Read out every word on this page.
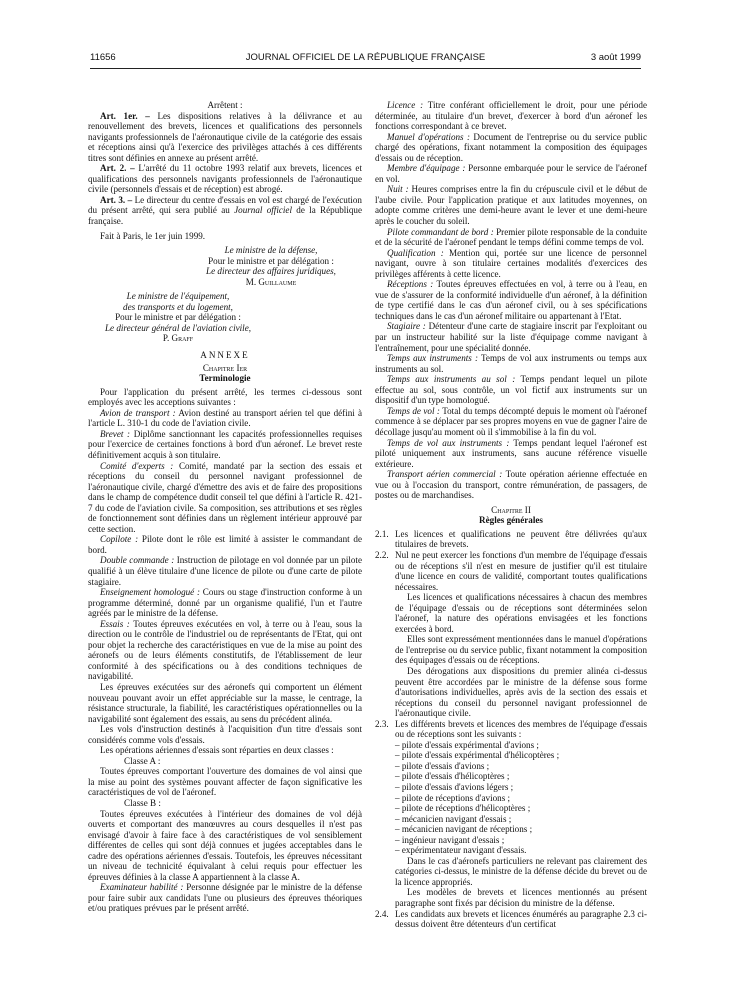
11656	JOURNAL OFFICIEL DE LA RÉPUBLIQUE FRANÇAISE	3 août 1999

Arrêtent :

Art. 1er. – Les dispositions relatives à la délivrance et au renouvellement des brevets, licences et qualifications des personnels navigants professionnels de l'aéronautique civile de la catégorie des essais et réceptions ainsi qu'à l'exercice des privilèges attachés à ces différents titres sont définies en annexe au présent arrêté.

Art. 2. – L'arrêté du 11 octobre 1993 relatif aux brevets, licences et qualifications des personnels navigants professionnels de l'aéronautique civile (personnels d'essais et de réception) est abrogé.

Art. 3. – Le directeur du centre d'essais en vol est chargé de l'exécution du présent arrêté, qui sera publié au Journal officiel de la République française.

Fait à Paris, le 1er juin 1999.

Le ministre de la défense,

Pour le ministre et par délégation :

Le directeur des affaires juridiques,

M. Guillaume

Le ministre de l'équipement,

des transports et du logement,

Pour le ministre et par délégation :

Le directeur général de l'aviation civile,

P. Graff

ANNEXE

Chapitre Ier

Terminologie

Pour l'application du présent arrêté, les termes ci-dessous sont employés avec les acceptions suivantes :

Avion de transport : Avion destiné au transport aérien tel que défini à l'article L. 310-1 du code de l'aviation civile.

Brevet : Diplôme sanctionnant les capacités professionnelles requises pour l'exercice de certaines fonctions à bord d'un aéronef. Le brevet reste définitivement acquis à son titulaire.

Comité d'experts : Comité, mandaté par la section des essais et réceptions du conseil du personnel navigant professionnel de l'aéronautique civile, chargé d'émettre des avis et de faire des propositions dans le champ de compétence dudit conseil tel que défini à l'article R. 421-7 du code de l'aviation civile. Sa composition, ses attributions et ses règles de fonctionnement sont définies dans un règlement intérieur approuvé par cette section.

Copilote : Pilote dont le rôle est limité à assister le commandant de bord.

Double commande : Instruction de pilotage en vol donnée par un pilote qualifié à un élève titulaire d'une licence de pilote ou d'une carte de pilote stagiaire.

Enseignement homologué : Cours ou stage d'instruction conforme à un programme déterminé, donné par un organisme qualifié, l'un et l'autre agréés par le ministre de la défense.

Essais : Toutes épreuves exécutées en vol, à terre ou à l'eau, sous la direction ou le contrôle de l'industriel ou de représentants de l'Etat, qui ont pour objet la recherche des caractéristiques en vue de la mise au point des aéronefs ou de leurs éléments constitutifs, de l'établissement de leur conformité à des spécifications ou à des conditions techniques de navigabilité.

Les épreuves exécutées sur des aéronefs qui comportent un élément nouveau pouvant avoir un effet appréciable sur la masse, le centrage, la résistance structurale, la fiabilité, les caractéristiques opérationnelles ou la navigabilité sont également des essais, au sens du précédent alinéa.

Les vols d'instruction destinés à l'acquisition d'un titre d'essais sont considérés comme vols d'essais.

Les opérations aériennes d'essais sont réparties en deux classes :

Classe A :

Toutes épreuves comportant l'ouverture des domaines de vol ainsi que la mise au point des systèmes pouvant affecter de façon significative les caractéristiques de vol de l'aéronef.

Classe B :

Toutes épreuves exécutées à l'intérieur des domaines de vol déjà ouverts et comportant des manœuvres au cours desquelles il n'est pas envisagé d'avoir à faire face à des caractéristiques de vol sensiblement différentes de celles qui sont déjà connues et jugées acceptables dans le cadre des opérations aériennes d'essais. Toutefois, les épreuves nécessitant un niveau de technicité équivalant à celui requis pour effectuer les épreuves définies à la classe A appartiennent à la classe A.

Examinateur habilité : Personne désignée par le ministre de la défense pour faire subir aux candidats l'une ou plusieurs des épreuves théoriques et/ou pratiques prévues par le présent arrêté.

Licence : Titre conférant officiellement le droit, pour une période déterminée, au titulaire d'un brevet, d'exercer à bord d'un aéronef les fonctions correspondant à ce brevet.

Manuel d'opérations : Document de l'entreprise ou du service public chargé des opérations, fixant notamment la composition des équipages d'essais ou de réception.

Membre d'équipage : Personne embarquée pour le service de l'aéronef en vol.

Nuit : Heures comprises entre la fin du crépuscule civil et le début de l'aube civile. Pour l'application pratique et aux latitudes moyennes, on adopte comme critères une demi-heure avant le lever et une demi-heure après le coucher du soleil.

Pilote commandant de bord : Premier pilote responsable de la conduite et de la sécurité de l'aéronef pendant le temps défini comme temps de vol.

Qualification : Mention qui, portée sur une licence de personnel navigant, ouvre à son titulaire certaines modalités d'exercices des privilèges afférents à cette licence.

Réceptions : Toutes épreuves effectuées en vol, à terre ou à l'eau, en vue de s'assurer de la conformité individuelle d'un aéronef, à la définition de type certifié dans le cas d'un aéronef civil, ou à ses spécifications techniques dans le cas d'un aéronef militaire ou appartenant à l'Etat.

Stagiaire : Détenteur d'une carte de stagiaire inscrit par l'exploitant ou par un instructeur habilité sur la liste d'équipage comme navigant à l'entraînement, pour une spécialité donnée.

Temps aux instruments : Temps de vol aux instruments ou temps aux instruments au sol.

Temps aux instruments au sol : Temps pendant lequel un pilote effectue au sol, sous contrôle, un vol fictif aux instruments sur un dispositif d'un type homologué.

Temps de vol : Total du temps décompté depuis le moment où l'aéronef commence à se déplacer par ses propres moyens en vue de gagner l'aire de décollage jusqu'au moment où il s'immobilise à la fin du vol.

Temps de vol aux instruments : Temps pendant lequel l'aéronef est piloté uniquement aux instruments, sans aucune référence visuelle extérieure.

Transport aérien commercial : Toute opération aérienne effectuée en vue ou à l'occasion du transport, contre rémunération, de passagers, de postes ou de marchandises.

Chapitre II

Règles générales

2.1. Les licences et qualifications ne peuvent être délivrées qu'aux titulaires de brevets.
2.2. Nul ne peut exercer les fonctions d'un membre de l'équipage d'essais ou de réceptions s'il n'est en mesure de justifier qu'il est titulaire d'une licence en cours de validité, comportant toutes qualifications nécessaires.

Les licences et qualifications nécessaires à chacun des membres de l'équipage d'essais ou de réceptions sont déterminées selon l'aéronef, la nature des opérations envisagées et les fonctions exercées à bord.

Elles sont expressément mentionnées dans le manuel d'opérations de l'entreprise ou du service public, fixant notamment la composition des équipages d'essais ou de réceptions.

Des dérogations aux dispositions du premier alinéa ci-dessus peuvent être accordées par le ministre de la défense sous forme d'autorisations individuelles, après avis de la section des essais et réceptions du conseil du personnel navigant professionnel de l'aéronautique civile.

2.3. Les différents brevets et licences des membres de l'équipage d'essais ou de réceptions sont les suivants :
– pilote d'essais expérimental d'avions ;
– pilote d'essais expérimental d'hélicoptères ;
– pilote d'essais d'avions ;
– pilote d'essais d'hélicoptères ;
– pilote d'essais d'avions légers ;
– pilote de réceptions d'avions ;
– pilote de réceptions d'hélicoptères ;
– mécanicien navigant d'essais ;
– mécanicien navigant de réceptions ;
– ingénieur navigant d'essais ;
– expérimentateur navigant d'essais.

Dans le cas d'aéronefs particuliers ne relevant pas clairement des catégories ci-dessus, le ministre de la défense décide du brevet ou de la licence appropriés.

Les modèles de brevets et licences mentionnés au présent paragraphe sont fixés par décision du ministre de la défense.

2.4. Les candidats aux brevets et licences énumérés au paragraphe 2.3 ci-dessus doivent être détenteurs d'un certificat
